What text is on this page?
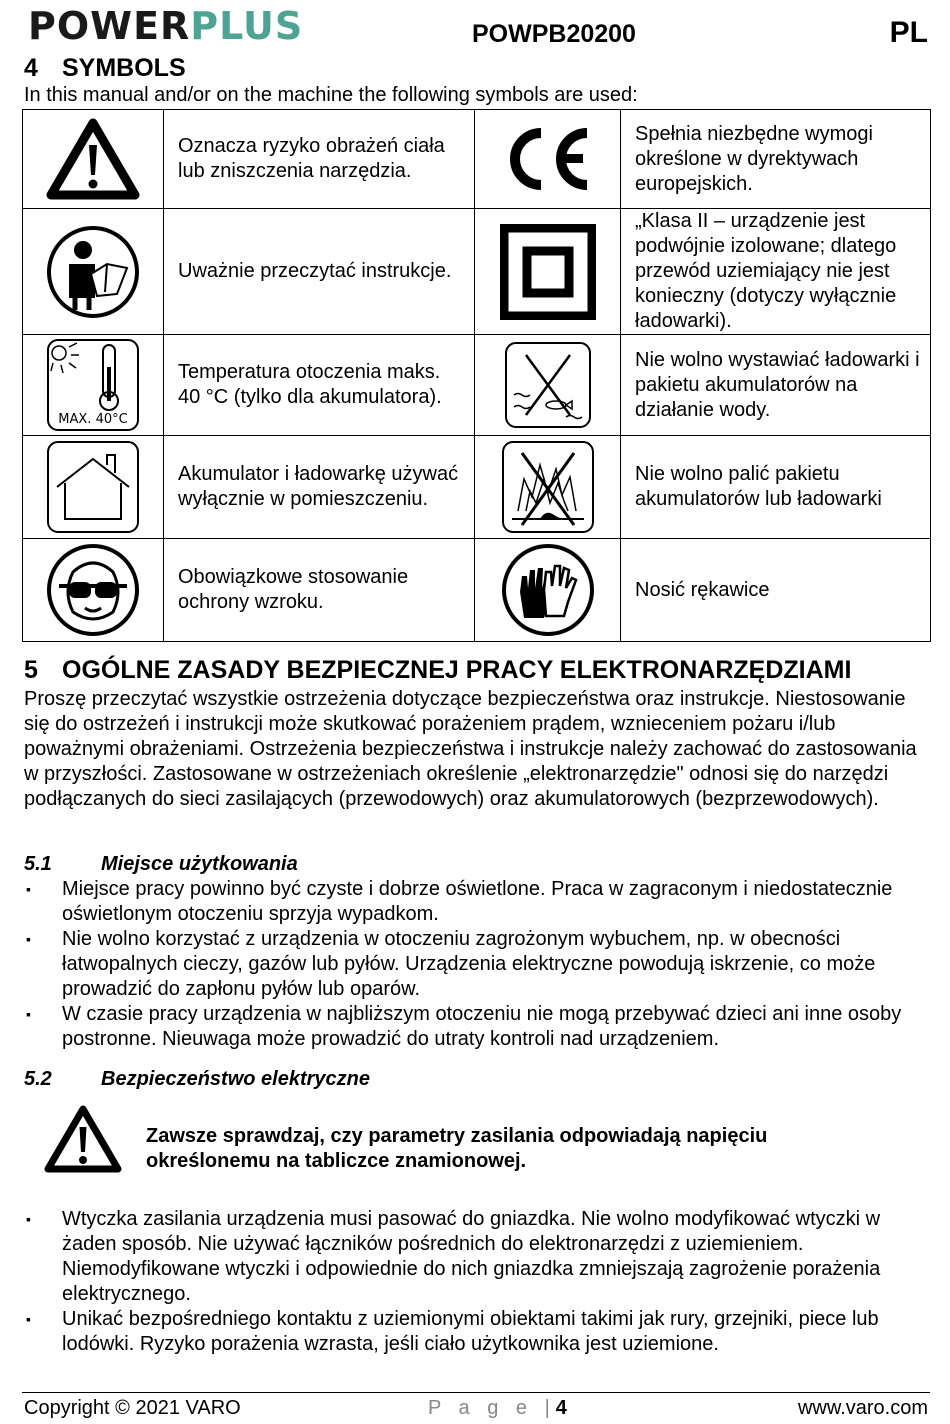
POWERPLUS	POWPB20200	PL
4 SYMBOLS
In this manual and/or on the machine the following symbols are used:
	Oznacza ryzyko obrażeń ciała lub zniszczenia narzędzia.		Spełnia niezbędne wymogi określone w dyrektywach europejskich.

	Uważnie przeczytać instrukcje.		„Klasa II – urządzenie jest podwójnie izolowane; dlatego przewód uziemiający nie jest konieczny (dotyczy wyłącznie ładowarki).

MAX. 40°C	Temperatura otoczenia maks. 40 °C (tylko dla akumulatora).		Nie wolno wystawiać ładowarki i pakietu akumulatorów na działanie wody.

	Akumulator i ładowarkę używać wyłącznie w pomieszczeniu.		Nie wolno palić pakietu akumulatorów lub ładowarki

	Obowiązkowe stosowanie ochrony wzroku.		Nosić rękawice
5 OGÓLNE ZASADY BEZPIECZNEJ PRACY ELEKTRONARZĘDZIAMI
Proszę przeczytać wszystkie ostrzeżenia dotyczące bezpieczeństwa oraz instrukcje. Niestosowanie się do ostrzeżeń i instrukcji może skutkować porażeniem prądem, wznieceniem pożaru i/lub poważnymi obrażeniami. Ostrzeżenia bezpieczeństwa i instrukcje należy zachować do zastosowania w przyszłości. Zastosowane w ostrzeżeniach określenie „elektronarzędzie" odnosi się do narzędzi podłączanych do sieci zasilających (przewodowych) oraz akumulatorowych (bezprzewodowych).
5.1 Miejsce użytkowania
▪ Miejsce pracy powinno być czyste i dobrze oświetlone. Praca w zagraconym i niedostatecznie oświetlonym otoczeniu sprzyja wypadkom.
▪ Nie wolno korzystać z urządzenia w otoczeniu zagrożonym wybuchem, np. w obecności łatwopalnych cieczy, gazów lub pyłów. Urządzenia elektryczne powodują iskrzenie, co może prowadzić do zapłonu pyłów lub oparów.
▪ W czasie pracy urządzenia w najbliższym otoczeniu nie mogą przebywać dzieci ani inne osoby postronne. Nieuwaga może prowadzić do utraty kontroli nad urządzeniem.
5.2 Bezpieczeństwo elektryczne
Zawsze sprawdzaj, czy parametry zasilania odpowiadają napięciu określonemu na tabliczce znamionowej.
▪ Wtyczka zasilania urządzenia musi pasować do gniazdka. Nie wolno modyfikować wtyczki w żaden sposób. Nie używać łączników pośrednich do elektronarzędzi z uziemieniem. Niemodyfikowane wtyczki i odpowiednie do nich gniazdka zmniejszają zagrożenie porażenia elektrycznego.
▪ Unikać bezpośredniego kontaktu z uziemionymi obiektami takimi jak rury, grzejniki, piece lub lodówki. Ryzyko porażenia wzrasta, jeśli ciało użytkownika jest uziemione.
Copyright © 2021 VARO	P a g e |4	www.varo.com
